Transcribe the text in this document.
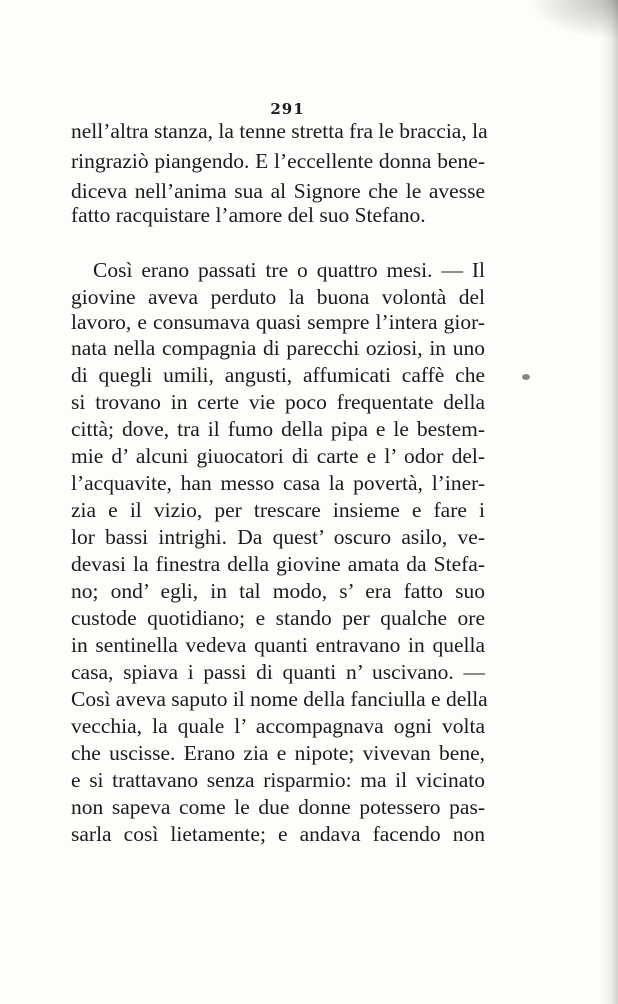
291
nell’altra stanza, la tenne stretta fra le braccia, la
ringraziò piangendo. E l’eccellente donna bene-
diceva nell’anima sua al Signore che le avesse
fatto racquistare l’amore del suo Stefano.
Così erano passati tre o quattro mesi. — Il
giovine aveva perduto la buona volontà del
lavoro, e consumava quasi sempre l’intera gior-
nata nella compagnia di parecchi oziosi, in uno
di quegli umili, angusti, affumicati caffè che
si trovano in certe vie poco frequentate della
città; dove, tra il fumo della pipa e le bestem-
mie d’ alcuni giuocatori di carte e l’ odor del-
l’acquavite, han messo casa la povertà, l’iner-
zia e il vizio, per trescare insieme e fare i
lor bassi intrighi. Da quest’ oscuro asilo, ve-
devasi la finestra della giovine amata da Stefa-
no; ond’ egli, in tal modo, s’ era fatto suo
custode quotidiano; e stando per qualche ore
in sentinella vedeva quanti entravano in quella
casa, spiava i passi di quanti n’ uscivano. —
Così aveva saputo il nome della fanciulla e della
vecchia, la quale l’ accompagnava ogni volta
che uscisse. Erano zia e nipote; vivevan bene,
e si trattavano senza risparmio: ma il vicinato
non sapeva come le due donne potessero pas-
sarla così lietamente; e andava facendo non
